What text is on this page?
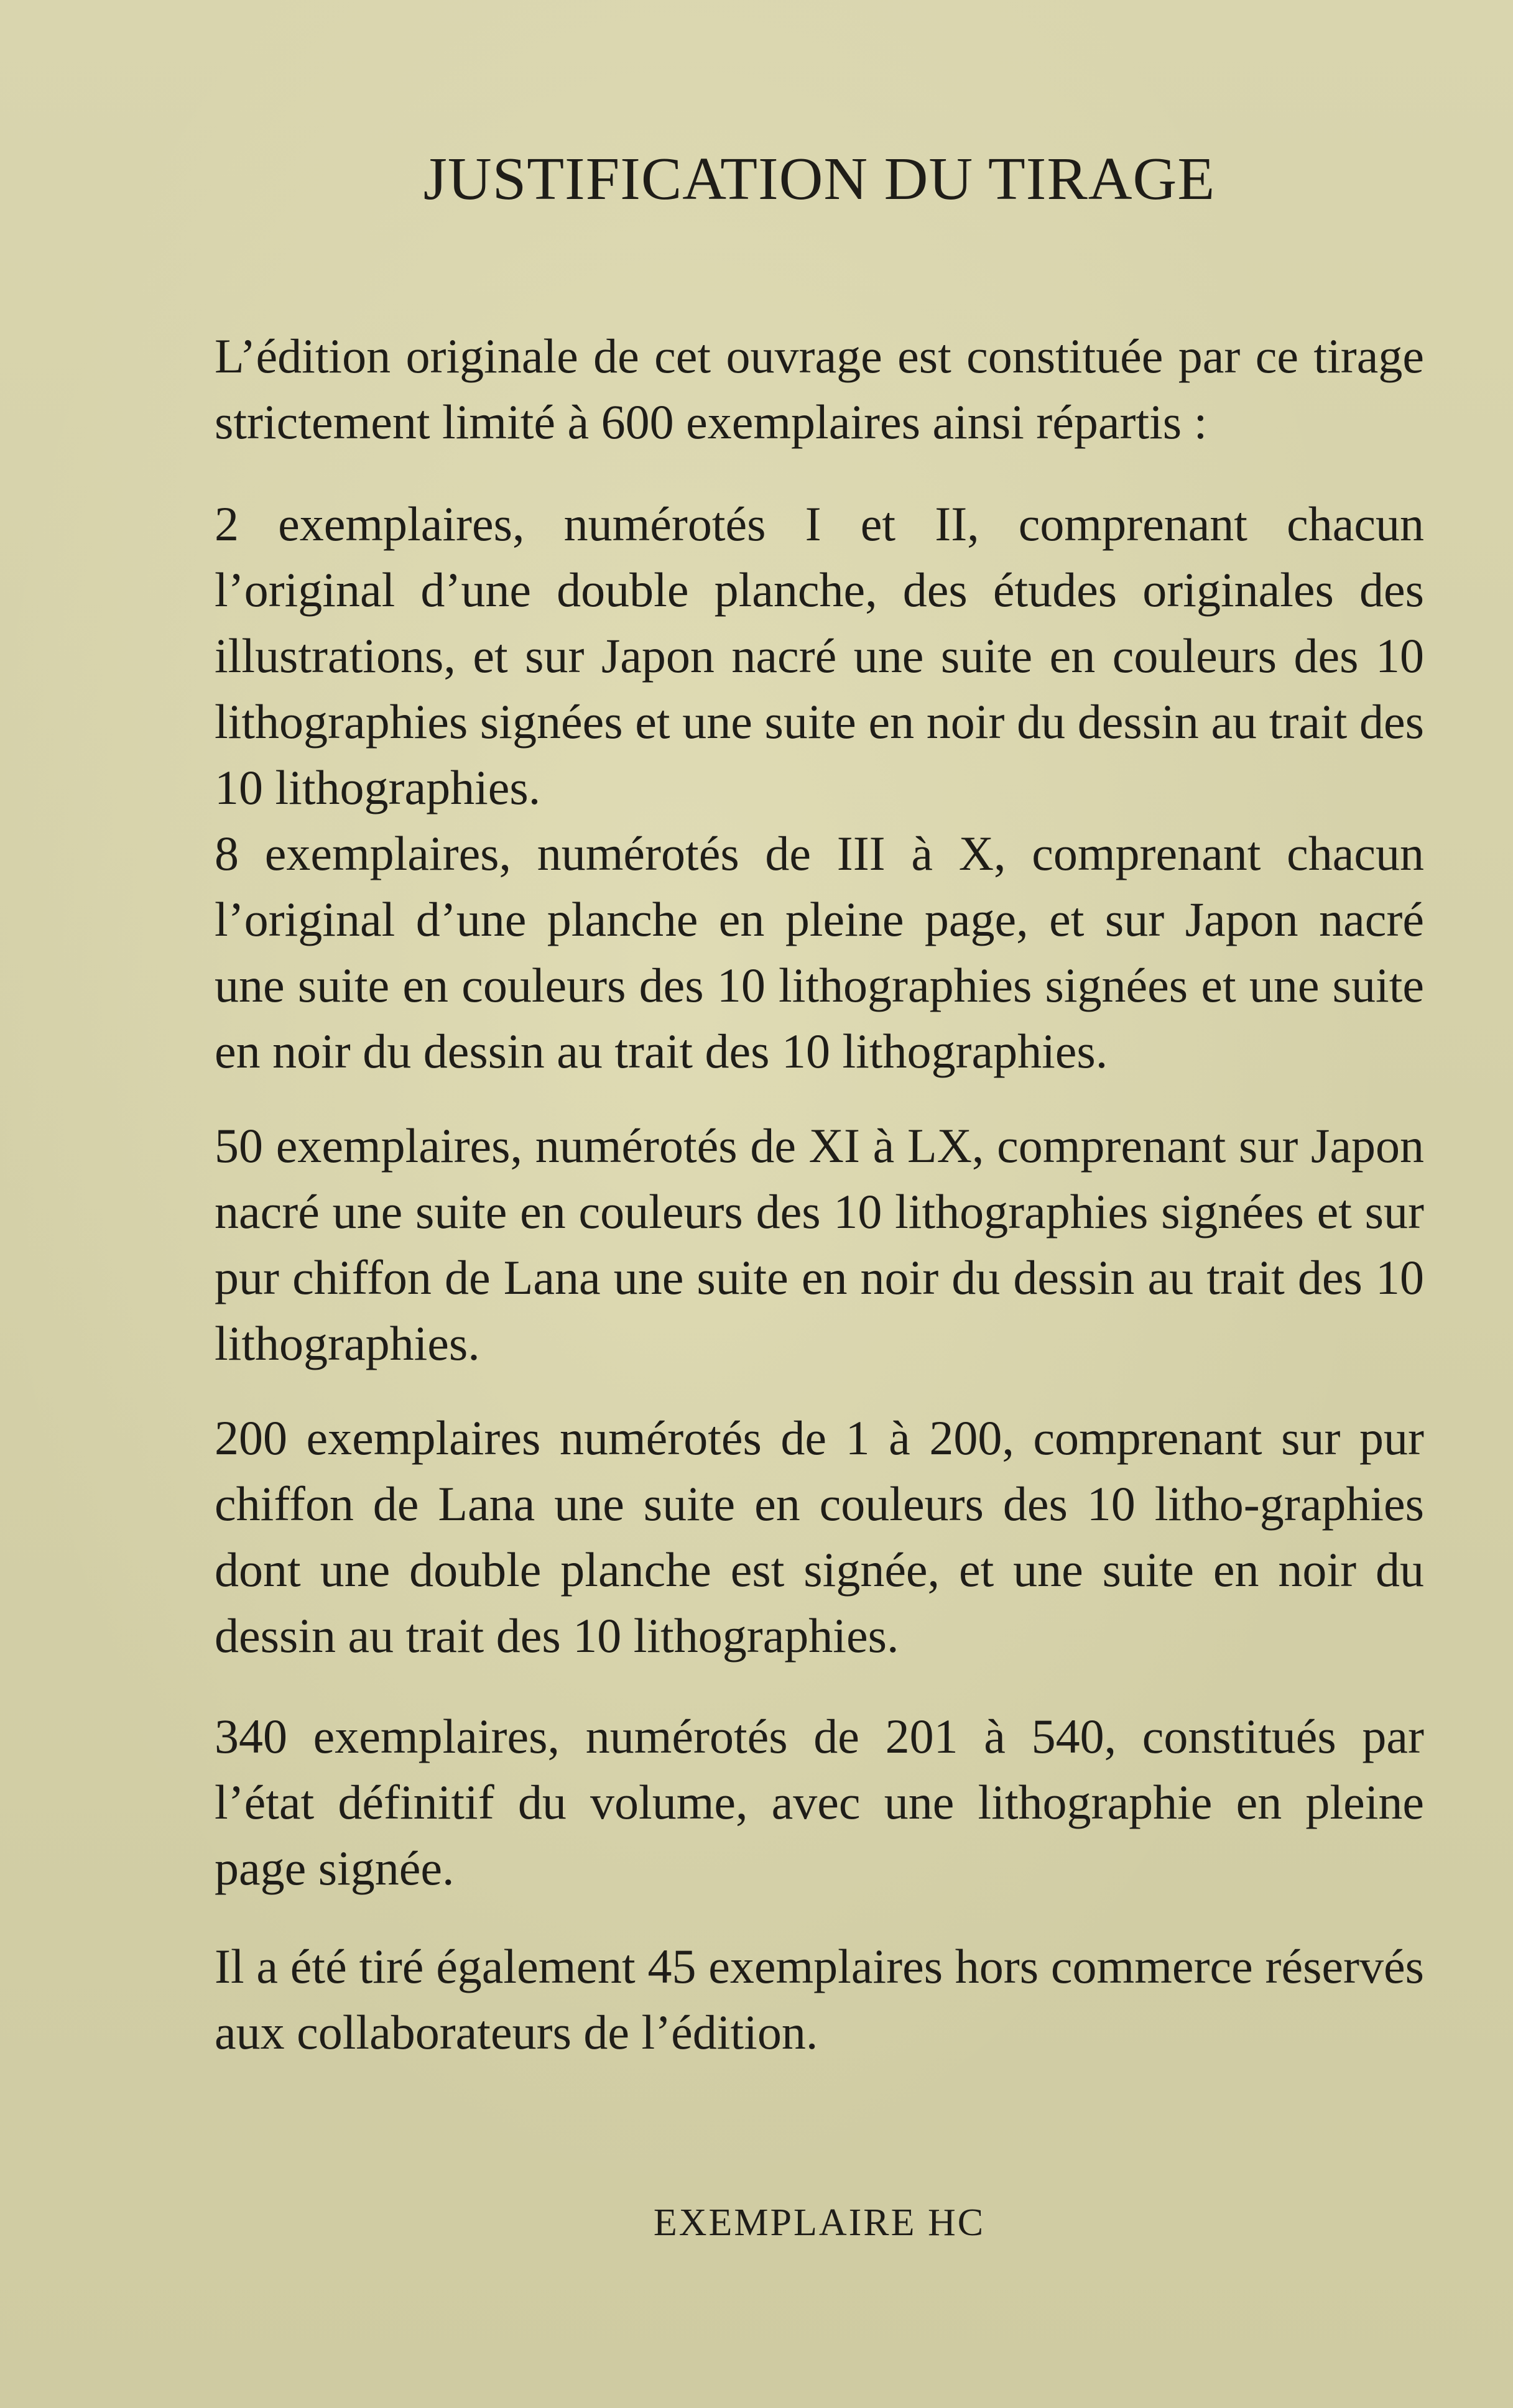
JUSTIFICATION DU TIRAGE

L’édition originale de cet ouvrage est constituée par ce tirage strictement limité à 600 exemplaires ainsi répartis :

2 exemplaires, numérotés I et II, comprenant chacun l’original d’une double planche, des études originales des illustrations, et sur Japon nacré une suite en couleurs des 10 lithographies signées et une suite en noir du dessin au trait des 10 lithographies.

8 exemplaires, numérotés de III à X, comprenant chacun l’original d’une planche en pleine page, et sur Japon nacré une suite en couleurs des 10 lithographies signées et une suite en noir du dessin au trait des 10 lithographies.

50 exemplaires, numérotés de XI à LX, comprenant sur Japon nacré une suite en couleurs des 10 lithographies signées et sur pur chiffon de Lana une suite en noir du dessin au trait des 10 lithographies.

200 exemplaires numérotés de 1 à 200, comprenant sur pur chiffon de Lana une suite en couleurs des 10 litho-graphies dont une double planche est signée, et une suite en noir du dessin au trait des 10 lithographies.

340 exemplaires, numérotés de 201 à 540, constitués par l’état définitif du volume, avec une lithographie en pleine page signée.

Il a été tiré également 45 exemplaires hors commerce réservés aux collaborateurs de l’édition.

EXEMPLAIRE HC
